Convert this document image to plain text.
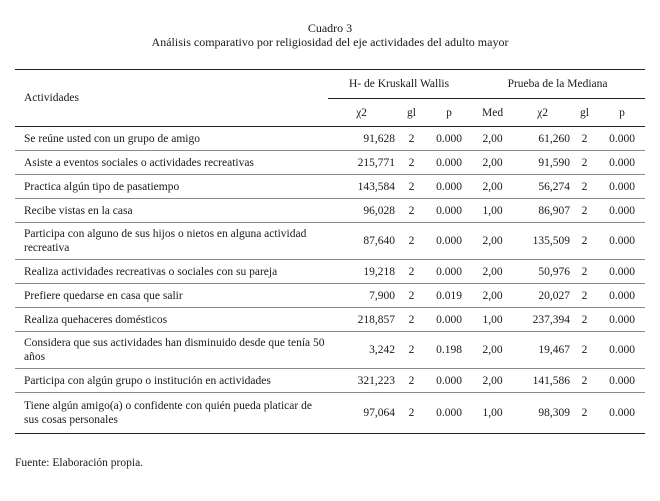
Cuadro 3
Análisis comparativo por religiosidad del eje actividades del adulto mayor
Actividades	H- de Kruskall Wallis			Prueba de la Mediana			
	χ2	gl	p	Med	χ2	gl	p
Se reúne usted con un grupo de amigo	91,628	2	0.000	2,00	61,260	2	0.000
Asiste a eventos sociales o actividades recreativas	215,771	2	0.000	2,00	91,590	2	0.000
Practica algún tipo de pasatiempo	143,584	2	0.000	2,00	56,274	2	0.000
Recibe vistas en la casa	96,028	2	0.000	1,00	86,907	2	0.000
Participa con alguno de sus hijos o nietos en alguna actividad recreativa	87,640	2	0.000	2,00	135,509	2	0.000
Realiza actividades recreativas o sociales con su pareja	19,218	2	0.000	2,00	50,976	2	0.000
Prefiere quedarse en casa que salir	7,900	2	0.019	2,00	20,027	2	0.000
Realiza quehaceres domésticos	218,857	2	0.000	1,00	237,394	2	0.000
Considera que sus actividades han disminuido desde que tenía 50 años	3,242	2	0.198	2,00	19,467	2	0.000
Participa con algún grupo o institución en actividades	321,223	2	0.000	2,00	141,586	2	0.000
Tiene algún amigo(a) o confidente con quién pueda platicar de sus cosas personales	97,064	2	0.000	1,00	98,309	2	0.000
Fuente: Elaboración propia.
